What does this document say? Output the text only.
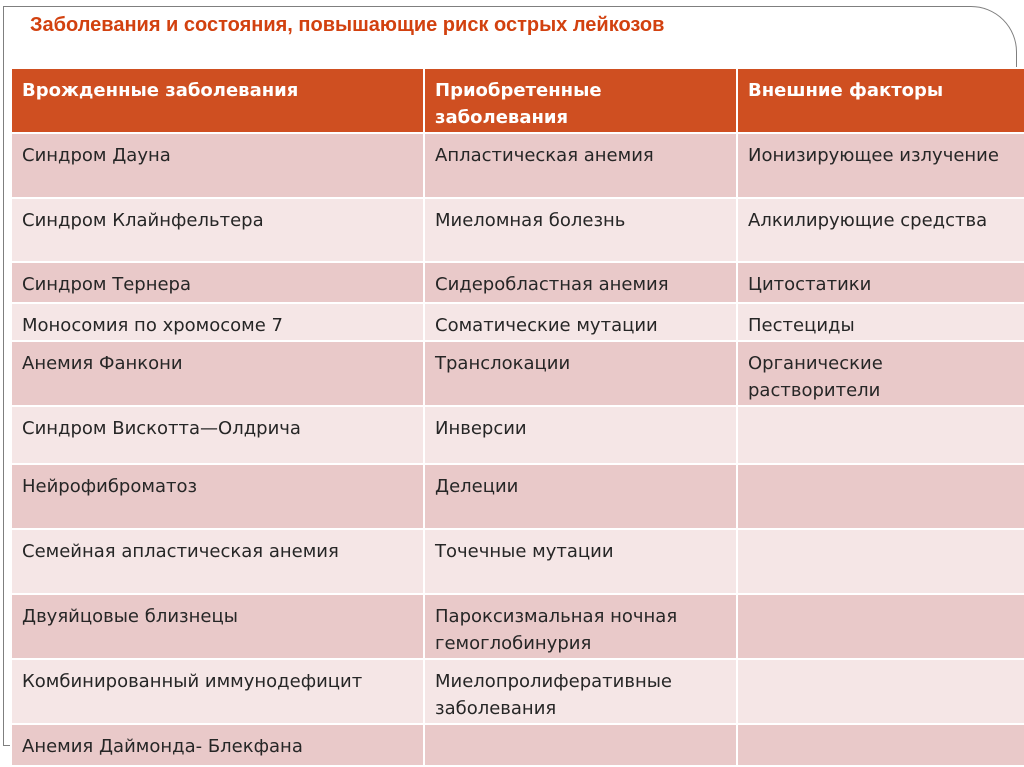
Заболевания и состояния, повышающие риск острых лейкозов
Врожденные заболевания	Приобретенные заболевания	Внешние факторы
Синдром Дауна	Апластическая анемия	Ионизирующее излучение
Синдром Клайнфельтера	Миеломная болезнь	Алкилирующие средства
Синдром Тернера	Сидеробластная анемия	Цитостатики
Моносомия по хромосоме 7	Соматические мутации	Пестециды
Анемия Фанкони	Транслокации	Органические растворители
Синдром Вискотта—Олдрича	Инверсии	
Нейрофиброматоз	Делеции	
Семейная апластическая анемия	Точечные мутации	
Двуяйцовые близнецы	Пароксизмальная ночная гемоглобинурия	
Комбинированный иммунодефицит	Миелопролиферативные заболевания	
Анемия Даймонда- Блекфана		
